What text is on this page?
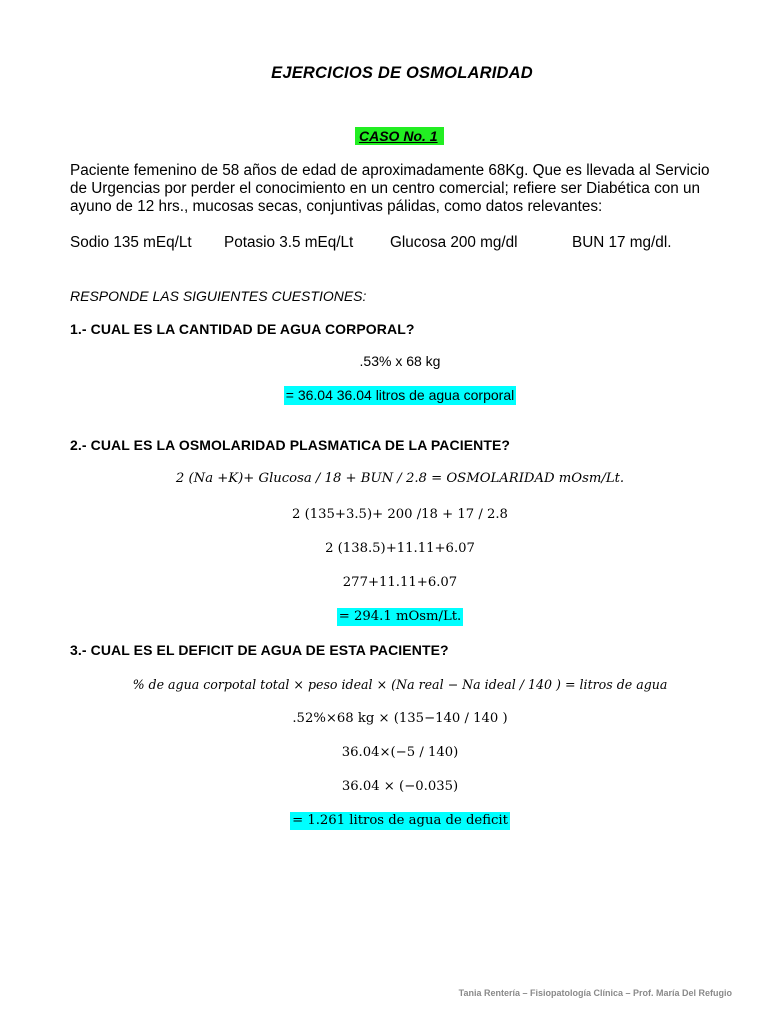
EJERCICIOS DE OSMOLARIDAD
CASO No. 1
Paciente femenino de 58 años de edad de aproximadamente 68Kg. Que es llevada al Servicio de Urgencias por perder el conocimiento en un centro comercial; refiere ser Diabética con un ayuno de 12 hrs., mucosas secas, conjuntivas pálidas, como datos relevantes:
Sodio 135 mEq/Lt Potasio 3.5 mEq/Lt Glucosa 200 mg/dl	BUN 17 mg/dl.
RESPONDE LAS SIGUIENTES CUESTIONES:
1.- CUAL ES LA CANTIDAD DE AGUA CORPORAL?
.53% x 68 kg
= 36.04 36.04 litros de agua corporal
2.- CUAL ES LA OSMOLARIDAD PLASMATICA DE LA PACIENTE?
2 (Na +K)+ Glucosa / 18 + BUN / 2.8 = OSMOLARIDAD mOsm/Lt.
2 (135+3.5)+ 200 /18 + 17 / 2.8
2 (138.5)+11.11+6.07
277+11.11+6.07
= 294.1 mOsm/Lt.
3.- CUAL ES EL DEFICIT DE AGUA DE ESTA PACIENTE?
% de agua corpotal total × peso ideal × (Na real − Na ideal / 140 ) = litros de agua
.52%×68 kg × (135−140 / 140 )
36.04×(−5 / 140)
36.04 × (−0.035)
= 1.261 litros de agua de deficit
Tania Rentería – Fisiopatología Clínica – Prof. María Del Refugio
